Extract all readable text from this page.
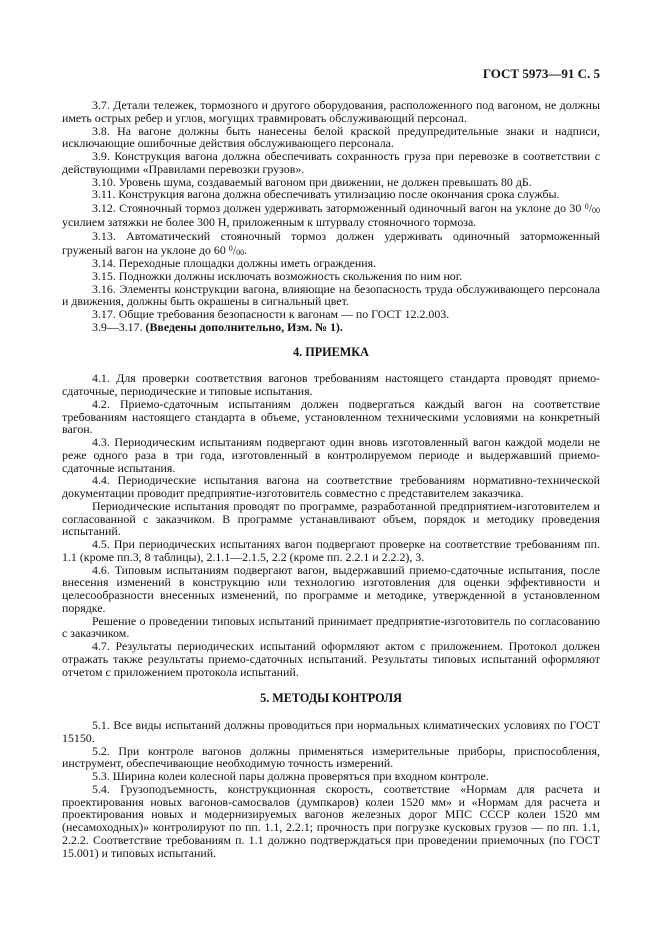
ГОСТ 5973—91 С. 5

3.7. Детали тележек, тормозного и другого оборудования, расположенного под вагоном, не должны иметь острых ребер и углов, могущих травмировать обслуживающий персонал.

3.8. На вагоне должны быть нанесены белой краской предупредительные знаки и надписи, исключающие ошибочные действия обслуживающего персонала.

3.9. Конструкция вагона должна обеспечивать сохранность груза при перевозке в соответствии с действующими «Правилами перевозки грузов».

3.10. Уровень шума, создаваемый вагоном при движении, не должен превышать 80 дБ.

3.11. Конструкция вагона должна обеспечивать утилизацию после окончания срока службы.

3.12. Стояночный тормоз должен удерживать заторможенный одиночный вагон на уклоне до 30 $^0$/00 усилием затяжки не более 300 Н, приложенным к штурвалу стояночного тормоза.

3.13. Автоматический стояночный тормоз должен удерживать одиночный заторможенный груженый вагон на уклоне до 60 $^0$/00.

3.14. Переходные площадки должны иметь ограждения.

3.15. Подножки должны исключать возможность скольжения по ним ног.

3.16. Элементы конструкции вагона, влияющие на безопасность труда обслуживающего персонала и движения, должны быть окрашены в сигнальный цвет.

3.17. Общие требования безопасности к вагонам — по ГОСТ 12.2.003.

3.9—3.17. (Введены дополнительно, Изм. № 1).

4. ПРИЕМКА

4.1. Для проверки соответствия вагонов требованиям настоящего стандарта проводят приемо-сдаточные, периодические и типовые испытания.

4.2. Приемо-сдаточным испытаниям должен подвергаться каждый вагон на соответствие требованиям настоящего стандарта в объеме, установленном техническими условиями на конкретный вагон.

4.3. Периодическим испытаниям подвергают один вновь изготовленный вагон каждой модели не реже одного раза в три года, изготовленный в контролируемом периоде и выдержавший приемо-сдаточные испытания.

4.4. Периодические испытания вагона на соответствие требованиям нормативно-технической документации проводит предприятие-изготовитель совместно с представителем заказчика.

Периодические испытания проводят по программе, разработанной предприятием-изготовителем и согласованной с заказчиком. В программе устанавливают объем, порядок и методику проведения испытаний.

4.5. При периодических испытаниях вагон подвергают проверке на соответствие требованиям пп. 1.1 (кроме пп.3, 8 таблицы), 2.1.1—2.1.5, 2.2 (кроме пп. 2.2.1 и 2.2.2), 3.

4.6. Типовым испытаниям подвергают вагон, выдержавший приемо-сдаточные испытания, после внесения изменений в конструкцию или технологию изготовления для оценки эффективности и целесообразности внесенных изменений, по программе и методике, утвержденной в установленном порядке.

Решение о проведении типовых испытаний принимает предприятие-изготовитель по согласованию с заказчиком.

4.7. Результаты периодических испытаний оформляют актом с приложением. Протокол должен отражать также результаты приемо-сдаточных испытаний. Результаты типовых испытаний оформляют отчетом с приложением протокола испытаний.

5. МЕТОДЫ КОНТРОЛЯ

5.1. Все виды испытаний должны проводиться при нормальных климатических условиях по ГОСТ 15150.

5.2. При контроле вагонов должны применяться измерительные приборы, приспособления, инструмент, обеспечивающие необходимую точность измерений.

5.3. Ширина колеи колесной пары должна проверяться при входном контроле.

5.4. Грузоподъемность, конструкционная скорость, соответствие «Нормам для расчета и проектирования новых вагонов-самосвалов (думпкаров) колеи 1520 мм» и «Нормам для расчета и проектирования новых и модернизируемых вагонов железных дорог МПС СССР колеи 1520 мм (несамоходных)» контролируют по пп. 1.1, 2.2.1; прочность при погрузке кусковых грузов — по пп. 1.1, 2.2.2. Соответствие требованиям п. 1.1 должно подтверждаться при проведении приемочных (по ГОСТ 15.001) и типовых испытаний.
